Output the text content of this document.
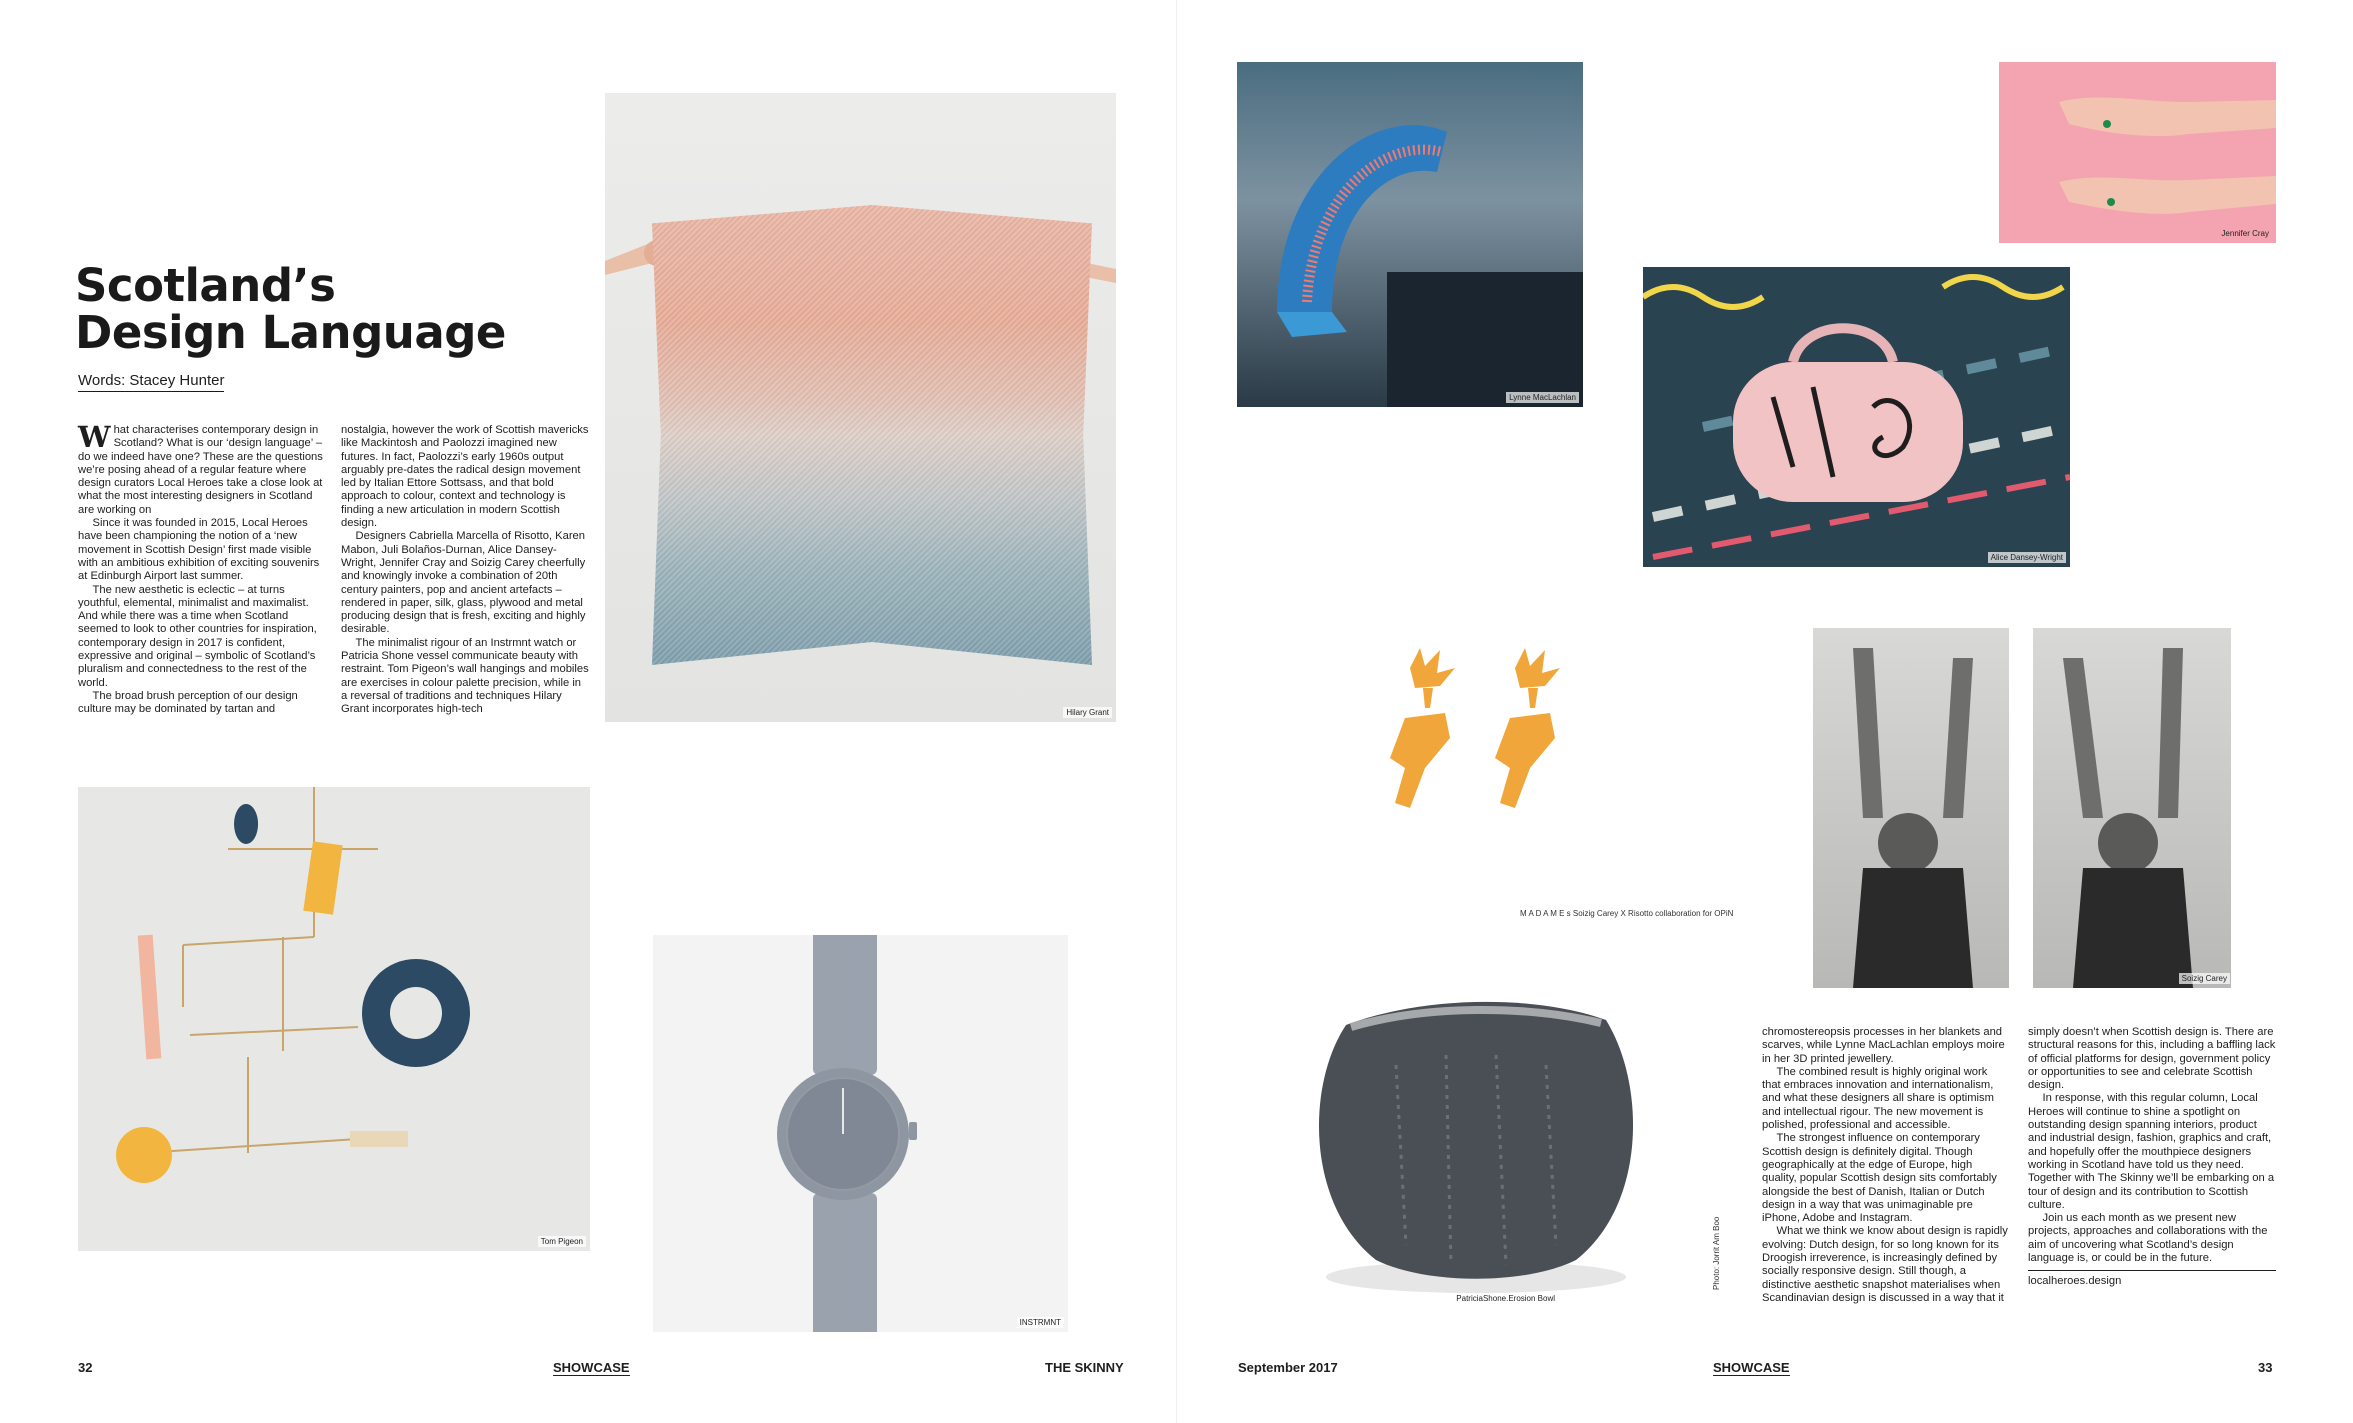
Scotland’s
Design Language
Words: Stacey Hunter

What characterises contemporary design in Scotland? What is our ‘design language’ – do we indeed have one? These are the questions we’re posing ahead of a regular feature where design curators Local Heroes take a close look at what the most interesting designers in Scotland are working on

Since it was founded in 2015, Local Heroes have been championing the notion of a ‘new movement in Scottish Design’ first made visible with an ambitious exhibition of exciting souvenirs at Edinburgh Airport last summer.

The new aesthetic is eclectic – at turns youthful, elemental, minimalist and maximalist. And while there was a time when Scotland seemed to look to other countries for inspiration, contemporary design in 2017 is confident, expressive and original – symbolic of Scotland’s pluralism and connectedness to the rest of the world.

The broad brush perception of our design culture may be dominated by tartan and

nostalgia, however the work of Scottish mavericks like Mackintosh and Paolozzi imagined new futures. In fact, Paolozzi’s early 1960s output arguably pre-dates the radical design movement led by Italian Ettore Sottsass, and that bold approach to colour, context and technology is finding a new articulation in modern Scottish design.

Designers Cabriella Marcella of Risotto, Karen Mabon, Juli Bolaños-Durnan, Alice Dansey-Wright, Jennifer Cray and Soizig Carey cheerfully and knowingly invoke a combination of 20th century painters, pop and ancient artefacts – rendered in paper, silk, glass, plywood and metal producing design that is fresh, exciting and highly desirable.

The minimalist rigour of an Instrmnt watch or Patricia Shone vessel communicate beauty with restraint. Tom Pigeon’s wall hangings and mobiles are exercises in colour palette precision, while in a reversal of traditions and techniques Hilary Grant incorporates high-tech	Hilary Grant
Tom Pigeon
INSTRMNT
32	SHOWCASE	THE SKINNY
Lynne MacLachlan
Jennifer Cray
Alice Dansey-Wright
M A D A M E s Soizig Carey X Risotto collaboration for OPiN
Soizig Carey
PatriciaShone.Erosion Bowl
Photo: Jorrit Am Boo

chromostereopsis processes in her blankets and scarves, while Lynne MacLachlan employs moire in her 3D printed jewellery.

The combined result is highly original work that embraces innovation and internationalism, and what these designers all share is optimism and intellectual rigour. The new movement is polished, professional and accessible.

The strongest influence on contemporary Scottish design is definitely digital. Though geographically at the edge of Europe, high quality, popular Scottish design sits comfortably alongside the best of Danish, Italian or Dutch design in a way that was unimaginable pre iPhone, Adobe and Instagram.

What we think we know about design is rapidly evolving: Dutch design, for so long known for its Droogish irreverence, is increasingly defined by socially responsive design. Still though, a distinctive aesthetic snapshot materialises when Scandinavian design is discussed in a way that it

simply doesn’t when Scottish design is. There are structural reasons for this, including a baffling lack of official platforms for design, government policy or opportunities to see and celebrate Scottish design.

In response, with this regular column, Local Heroes will continue to shine a spotlight on outstanding design spanning interiors, product and industrial design, fashion, graphics and craft, and hopefully offer the mouthpiece designers working in Scotland have told us they need. Together with The Skinny we’ll be embarking on a tour of design and its contribution to Scottish culture.

Join us each month as we present new projects, approaches and collaborations with the aim of uncovering what Scotland’s design language is, or could be in the future.

localheroes.design

September 2017	SHOWCASE	33
